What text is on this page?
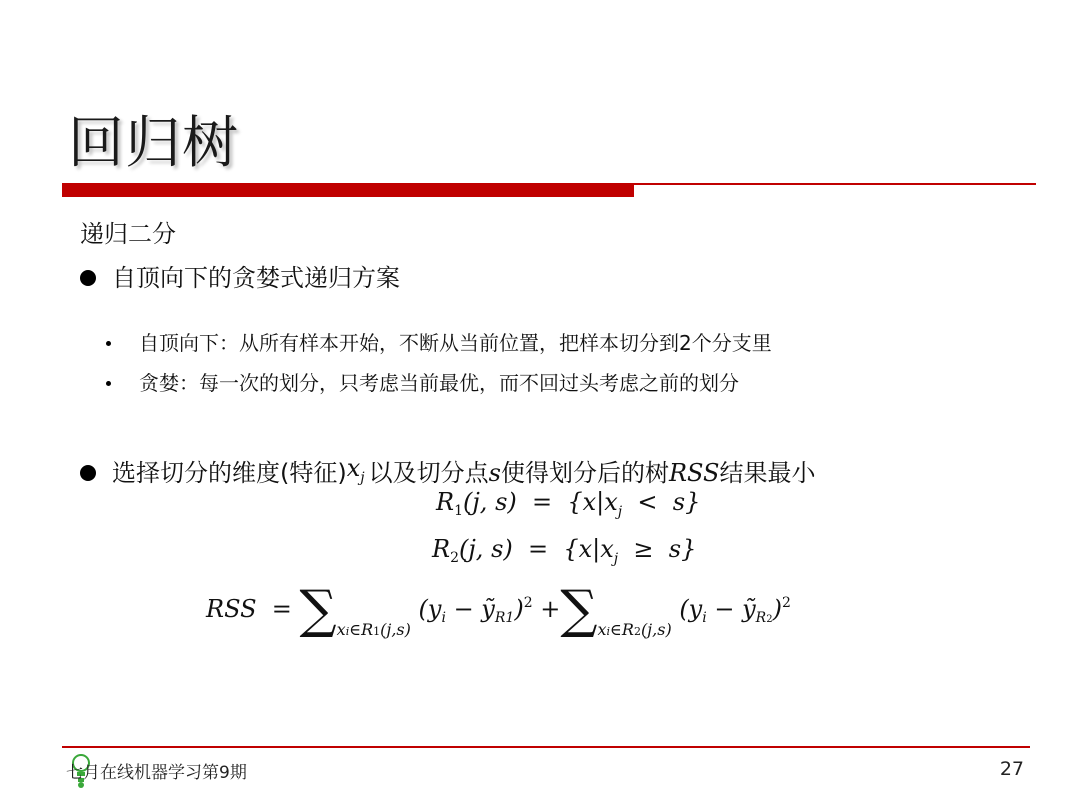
回归树
递归二分
自顶向下的贪婪式递归方案
自顶向下：从所有样本开始，不断从当前位置，把样本切分到2个分支里
贪婪：每一次的划分，只考虑当前最优，而不回过头考虑之前的划分
选择切分的维度(特征) $x_j$ 以及切分点 s 使得划分后的树 RSS 结果最小
$R_1(j$, $s) = \{x|x_j < s\}$
$R_2(j$, $s) = \{x|x_j \ge s\}$
RSS  = $\sum_{xi\in R1(j,s)}$ ($y_i$ − ỹ$_{R1}$)$^2$ $+\sum_{xi\in R2(j,s)}$ ($y_i$ − ỹ$_{R2}$)$^2$
七月在线机器学习第9期	27
